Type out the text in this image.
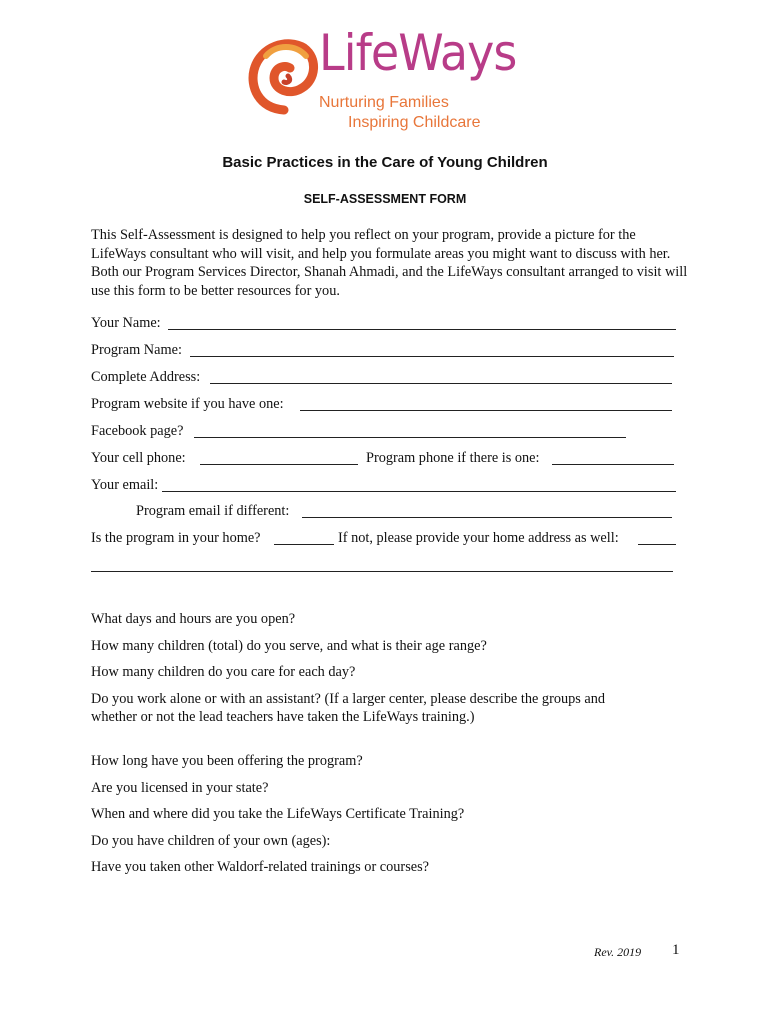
LifeWays
Nurturing Families
Inspiring Childcare
Basic Practices in the Care of Young Children
SELF-ASSESSMENT FORM
This Self-Assessment is designed to help you reflect on your program, provide a picture for the LifeWays consultant who will visit, and help you formulate areas you might want to discuss with her. Both our Program Services Director, Shanah Ahmadi, and the LifeWays consultant arranged to visit will use this form to be better resources for you.
Your Name:
Program Name:
Complete Address:
Program website if you have one:
Facebook page?
Your cell phone:	Program phone if there is one:
Your email:
Program email if different:
Is the program in your home?	If not, please provide your home address as well:
What days and hours are you open?
How many children (total) do you serve, and what is their age range?
How many children do you care for each day?
Do you work alone or with an assistant? (If a larger center, please describe the groups and whether or not the lead teachers have taken the LifeWays training.)
How long have you been offering the program?
Are you licensed in your state?
When and where did you take the LifeWays Certificate Training?
Do you have children of your own (ages):
Have you taken other Waldorf-related trainings or courses?
Rev. 2019 1
